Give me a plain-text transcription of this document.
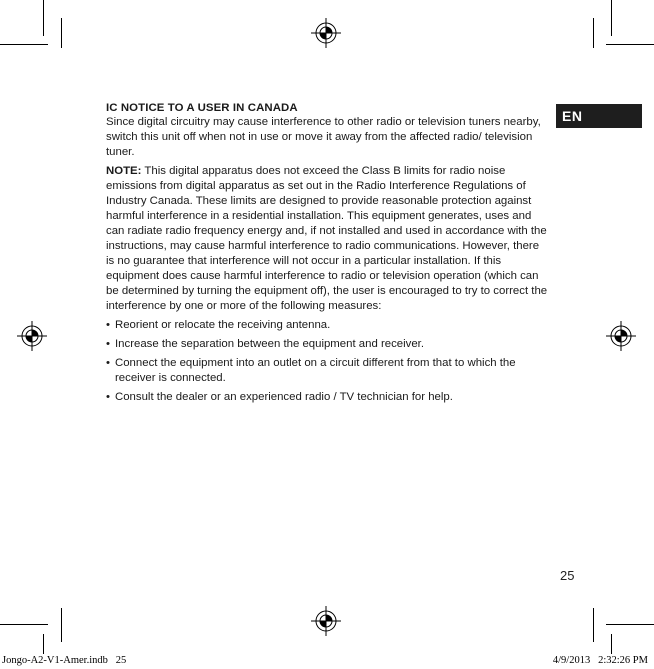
EN
IC NOTICE TO A USER IN CANADA

Since digital circuitry may cause interference to other radio or television tuners nearby, switch this unit off when not in use or move it away from the affected radio/ television tuner.

NOTE: This digital apparatus does not exceed the Class B limits for radio noise emissions from digital apparatus as set out in the Radio Interference Regulations of Industry Canada. These limits are designed to provide reasonable protection against harmful interference in a residential installation. This equipment generates, uses and can radiate radio frequency energy and, if not installed and used in accordance with the instructions, may cause harmful interference to radio communications. However, there is no guarantee that interference will not occur in a particular installation. If this equipment does cause harmful interference to radio or television operation (which can be determined by turning the equipment off), the user is encouraged to try to correct the interference by one or more of the following measures:

• Reorient or relocate the receiving antenna.
• Increase the separation between the equipment and receiver.
• Connect the equipment into an outlet on a circuit different from that to which the receiver is connected.
• Consult the dealer or an experienced radio / TV technician for help.
25
Jongo-A2-V1-Amer.indb   25	4/9/2013   2:32:26 PM
